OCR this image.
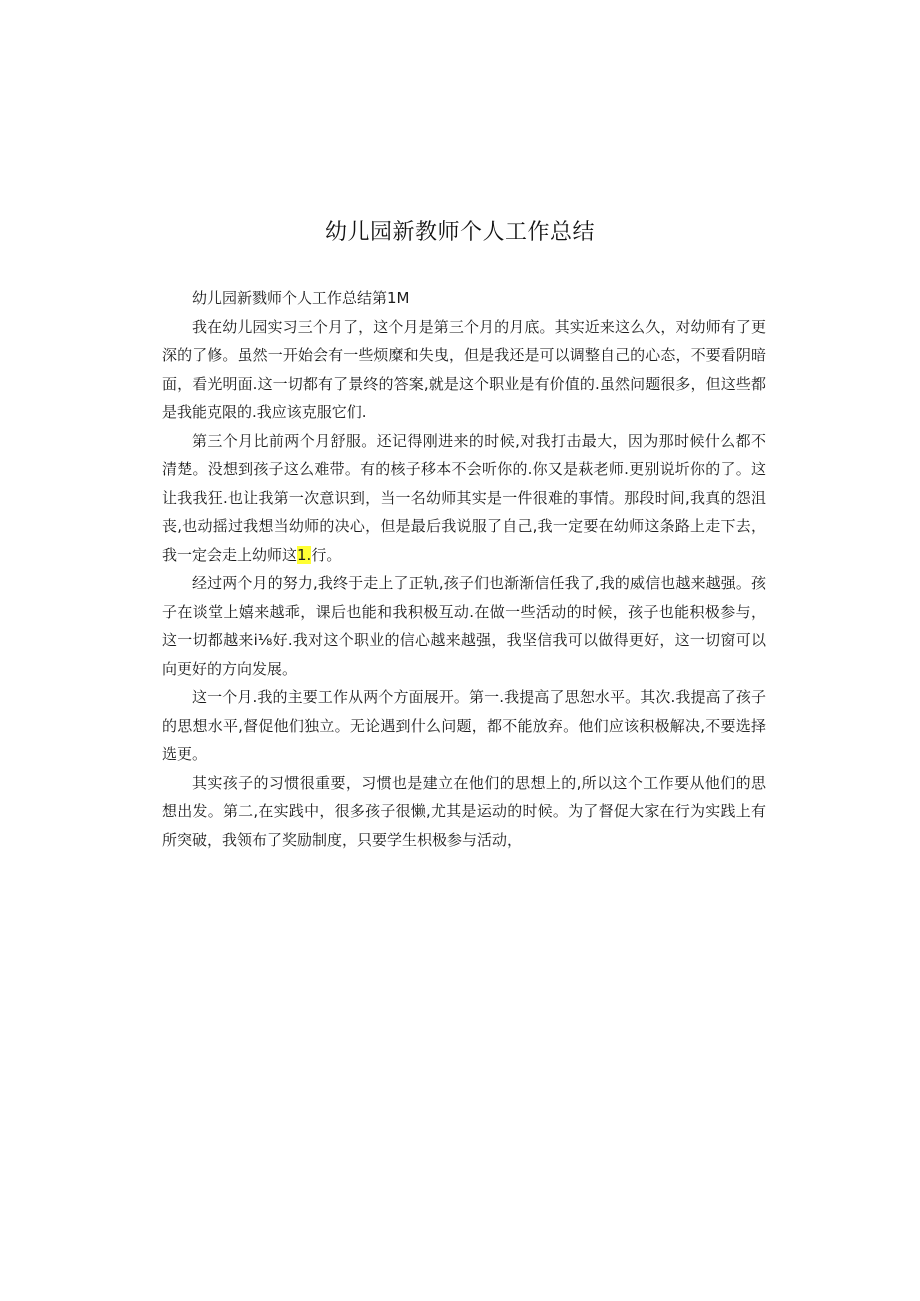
幼儿园新教师个人工作总结

幼儿园新戮师个人工作总结第1M

我在幼儿园实习三个月了，这个月是第三个月的月底。其实近来这么久，对幼师有了更深的了修。虽然一开始会有一些烦糜和失曳，但是我还是可以调整自己的心态，不要看阴暗面，看光明面.这一切都有了景终的答案,就是这个职业是有价值的.虽然问题很多，但这些都是我能克限的.我应该克服它们.

第三个月比前两个月舒服。还记得刚进来的时候,对我打击最大，因为那时候什么都不清楚。没想到孩子这么难带。有的核子移本不会听你的.你又是萩老师.更别说圻你的了。这让我我狂.也让我第一次意识到，当一名幼师其实是一件很难的事情。那段时间,我真的怨沮丧,也动摇过我想当幼师的决心，但是最后我说服了自己,我一定要在幼师这条路上走下去，我一定会走上幼师这1.行。

经过两个月的努力,我终于走上了正轨,孩子们也渐渐信任我了,我的威信也越来越强。孩子在谈堂上嬉来越乖，课后也能和我积极互动.在做一些活动的时候，孩子也能积极参与，这一切都越来i⅛好.我对这个职业的信心越来越强，我坚信我可以做得更好，这一切窗可以向更好的方向发展。

这一个月.我的主要工作从两个方面展开。第一.我提高了思恕水平。其次.我提高了孩子的思想水平,督促他们独立。无论遇到什么问题，都不能放弃。他们应该积极解决,不要选择选更。

其实孩子的习惯很重要，习惯也是建立在他们的思想上的,所以这个工作要从他们的思想出发。第二,在实践中，很多孩子很懒,尤其是运动的时候。为了督促大家在行为实践上有所突破，我领布了奖励制度，只要学生枳极参与活动，
